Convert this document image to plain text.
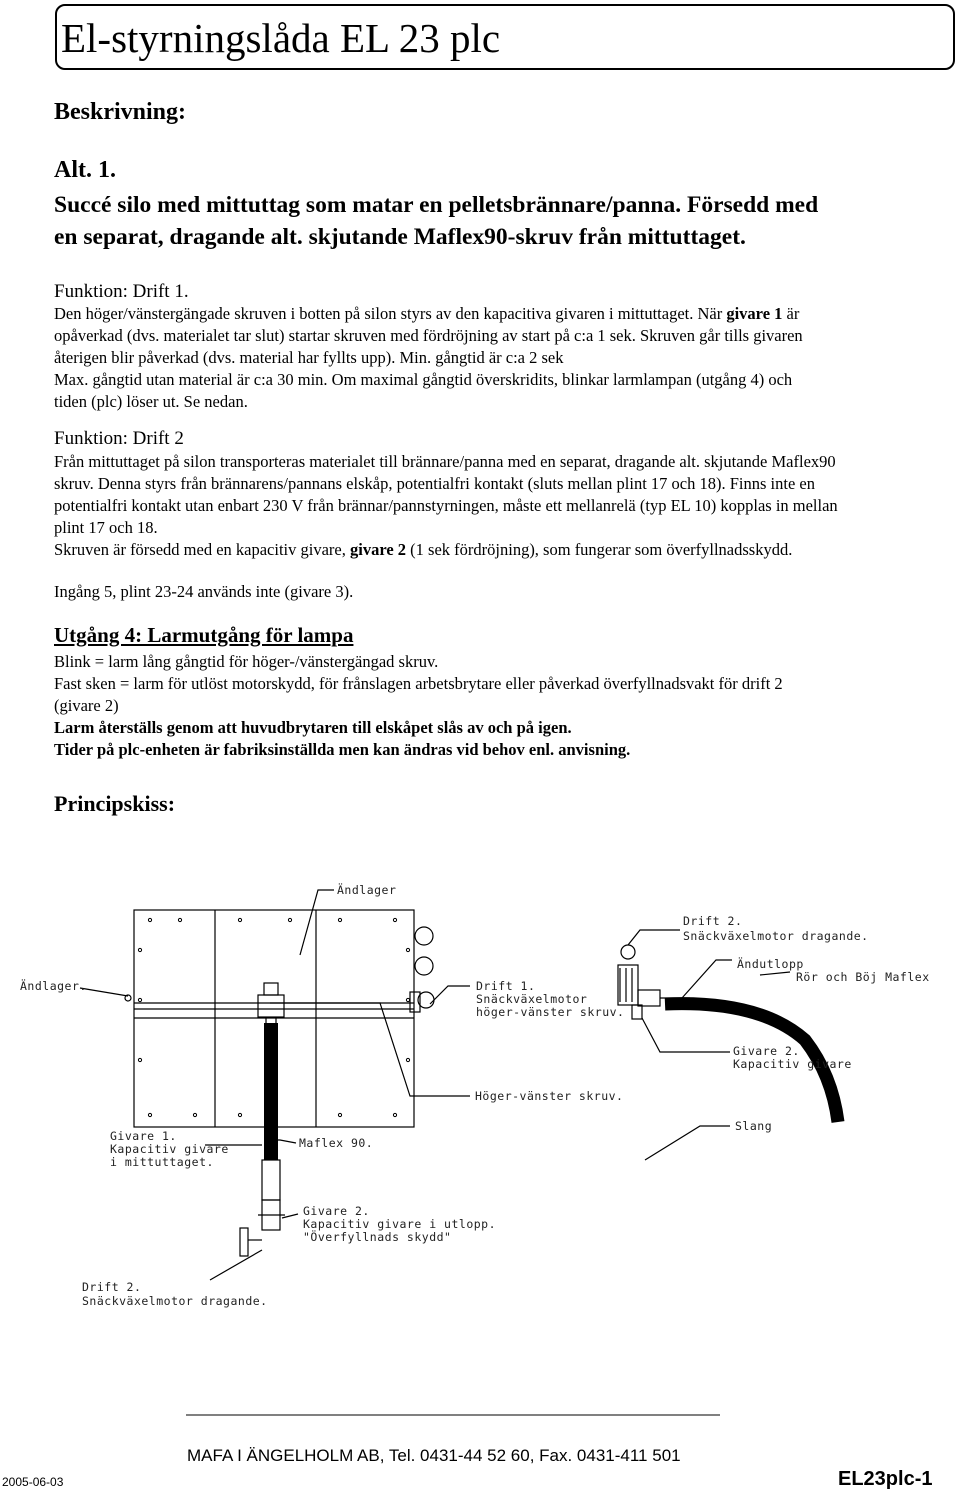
El-styrningslåda EL 23 plc
Beskrivning:
Alt. 1.
Succé silo med mittuttag som matar en pelletsbrännare/panna. Försedd med
en separat, dragande alt. skjutande Maflex90-skruv från mittuttaget.
Funktion: Drift 1.
Den höger/vänstergängade skruven i botten på silon styrs av den kapacitiva givaren i mittuttaget. När givare 1 är
opåverkad (dvs. materialet tar slut) startar skruven med fördröjning av start på c:a 1 sek. Skruven går tills givaren
återigen blir påverkad (dvs. material har fyllts upp). Min. gångtid är c:a 2 sek
Max. gångtid utan material är c:a 30 min. Om maximal gångtid överskridits, blinkar larmlampan (utgång 4) och
tiden (plc) löser ut. Se nedan.
Funktion: Drift 2
Från mittuttaget på silon transporteras materialet till brännare/panna med en separat, dragande alt. skjutande Maflex90
skruv. Denna styrs från brännarens/pannans elskåp, potentialfri kontakt (sluts mellan plint 17 och 18). Finns inte en
potentialfri kontakt utan enbart 230 V från brännar/pannstyrningen, måste ett mellanrelä (typ EL 10) kopplas in mellan
plint 17 och 18.
Skruven är försedd med en kapacitiv givare, givare 2 (1 sek fördröjning), som fungerar som överfyllnadsskydd.
Ingång 5, plint 23-24 används inte (givare 3).
Utgång 4: Larmutgång för lampa
Blink = larm lång gångtid för höger-/vänstergängad skruv.
Fast sken = larm för utlöst motorskydd, för frånslagen arbetsbrytare eller påverkad överfyllnadsvakt för drift 2
(givare 2)
Larm återställs genom att huvudbrytaren till elskåpet slås av och på igen.
Tider på plc-enheten är fabriksinställda men kan ändras vid behov enl. anvisning.
Principskiss:
Ändlager
Ändlager.
Drift 2.
Snäckväxelmotor dragande.
Ändutlopp
Rör och Böj Maflex
Drift 1.
Snäckväxelmotor
höger-vänster skruv.
Givare 2.
Kapacitiv givare
Höger-vänster skruv.
Slang
Givare 1.
Kapacitiv givare
i mittuttaget.
Maflex 90.
Givare 2.
Kapacitiv givare i utlopp.
"Överfyllnads skydd"
Drift 2.
Snäckväxelmotor dragande.
MAFA I ÄNGELHOLM AB, Tel. 0431-44 52 60, Fax. 0431-411 501
2005-06-03	EL23plc-1
